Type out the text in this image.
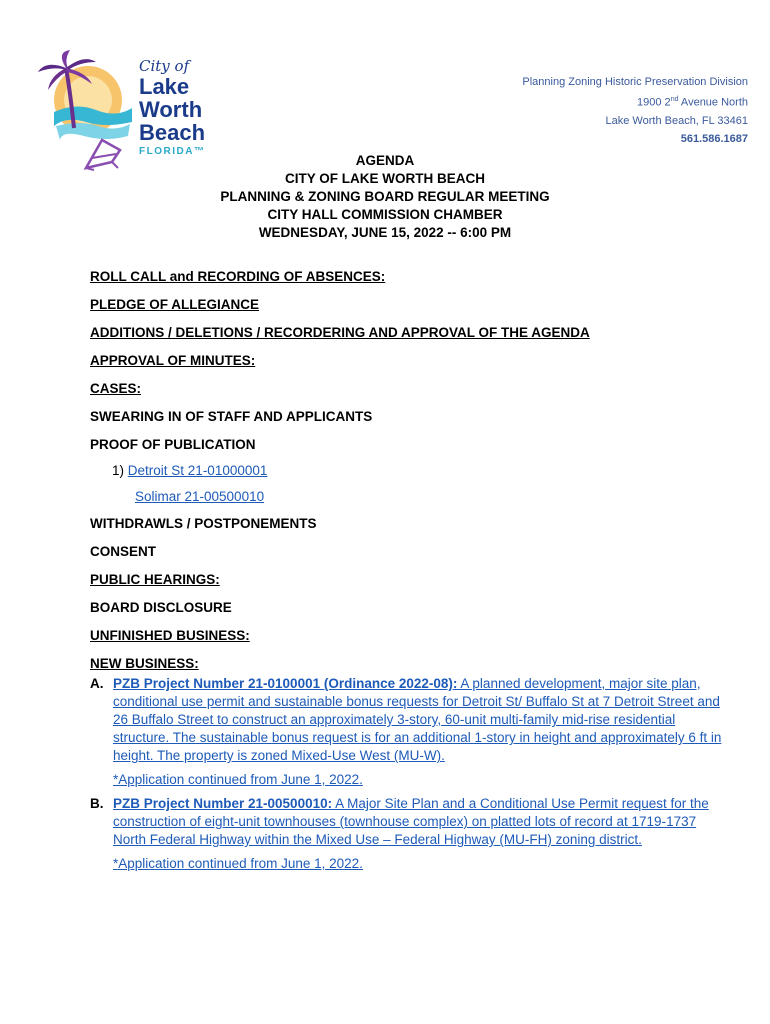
City of
Lake Worth
Beach
FLORIDA™
Planning Zoning Historic Preservation Division
1900 2nd Avenue North
Lake Worth Beach, FL 33461
561.586.1687
AGENDA
CITY OF LAKE WORTH BEACH
PLANNING & ZONING BOARD REGULAR MEETING
CITY HALL COMMISSION CHAMBER
WEDNESDAY, JUNE 15, 2022 -- 6:00 PM
ROLL CALL and RECORDING OF ABSENCES:
PLEDGE OF ALLEGIANCE
ADDITIONS / DELETIONS / RECORDERING AND APPROVAL OF THE AGENDA
APPROVAL OF MINUTES:
CASES:
SWEARING IN OF STAFF AND APPLICANTS
PROOF OF PUBLICATION
1) Detroit St 21-01000001
Solimar 21-00500010
WITHDRAWLS / POSTPONEMENTS
CONSENT
PUBLIC HEARINGS:
BOARD DISCLOSURE
UNFINISHED BUSINESS:
NEW BUSINESS:
A. PZB Project Number 21-0100001 (Ordinance 2022-08): A planned development, major site plan, conditional use permit and sustainable bonus requests for Detroit St/ Buffalo St at 7 Detroit Street and 26 Buffalo Street to construct an approximately 3-story, 60-unit multi-family mid-rise residential structure. The sustainable bonus request is for an additional 1-story in height and approximately 6 ft in height. The property is zoned Mixed-Use West (MU-W).
*Application continued from June 1, 2022.
B. PZB Project Number 21-00500010: A Major Site Plan and a Conditional Use Permit request for the construction of eight-unit townhouses (townhouse complex) on platted lots of record at 1719-1737 North Federal Highway within the Mixed Use – Federal Highway (MU-FH) zoning district.
*Application continued from June 1, 2022.
